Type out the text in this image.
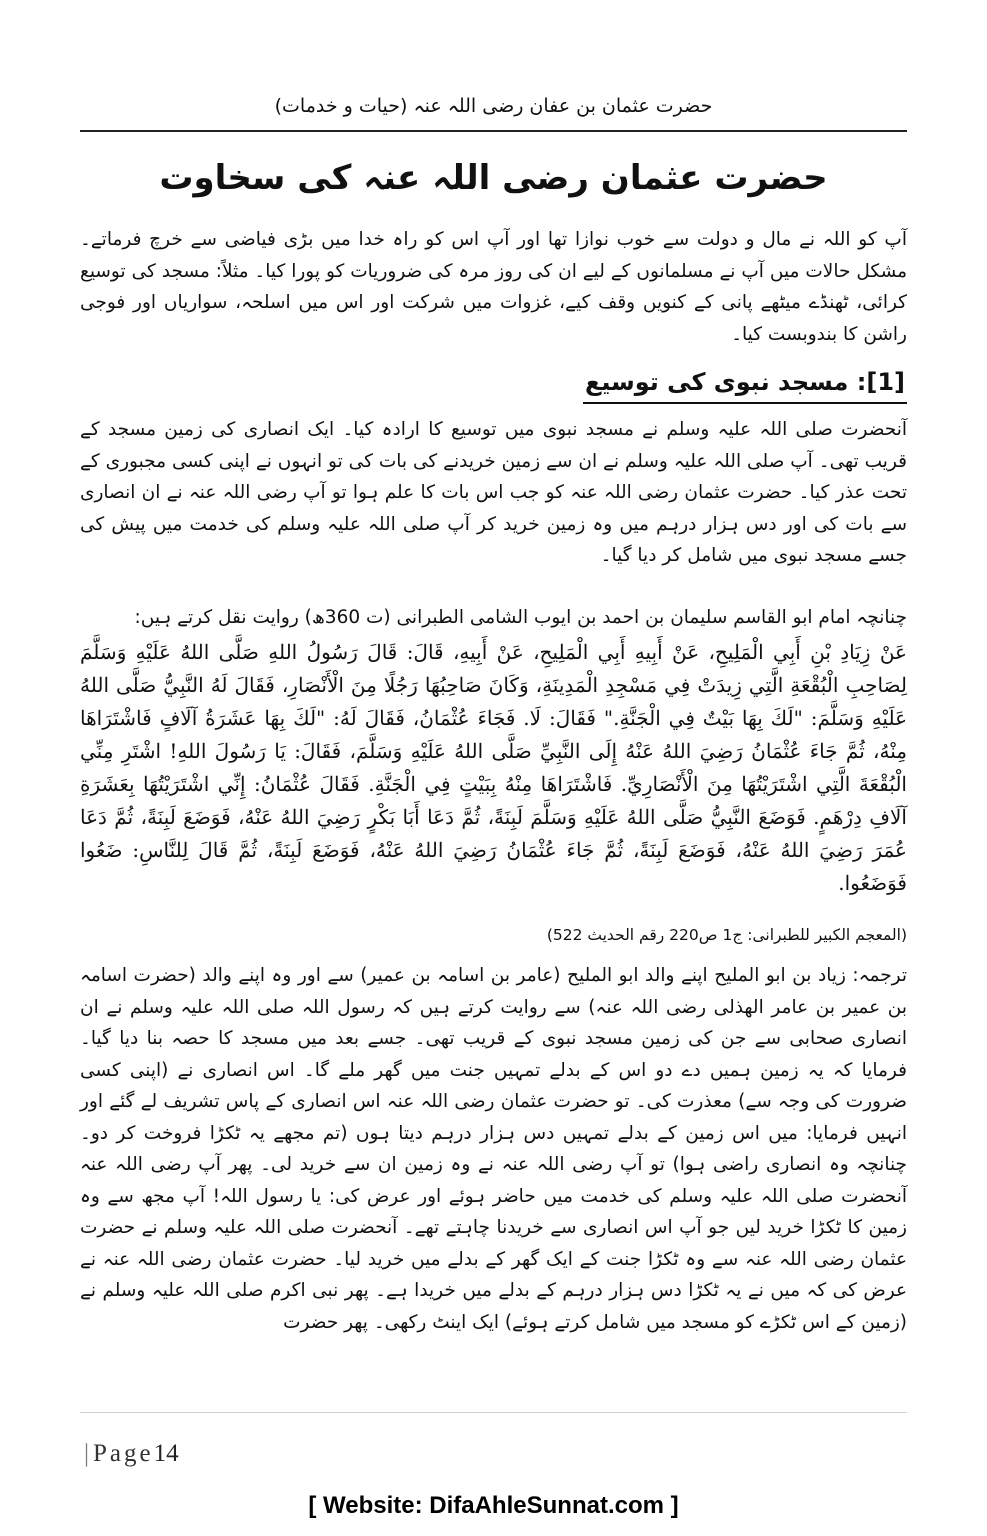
حضرت عثمان بن عفان رضی اللہ عنہ (حیات و خدمات)
حضرت عثمان رضی اللہ عنہ کی سخاوت

آپ کو اللہ نے مال و دولت سے خوب نوازا تھا اور آپ اس کو راہ خدا میں بڑی فیاضی سے خرچ فرماتے۔ مشکل حالات میں آپ نے مسلمانوں کے لیے ان کی روز مرہ کی ضروریات کو پورا کیا۔ مثلاً: مسجد کی توسیع کرائی، ٹھنڈے میٹھے پانی کے کنویں وقف کیے، غزوات میں شرکت اور اس میں اسلحہ، سواریاں اور فوجی راشن کا بندوبست کیا۔

[1]: مسجد نبوی کی توسیع

آنحضرت صلی اللہ علیہ وسلم نے مسجد نبوی میں توسیع کا ارادہ کیا۔ ایک انصاری کی زمین مسجد کے قریب تھی۔ آپ صلی اللہ علیہ وسلم نے ان سے زمین خریدنے کی بات کی تو انہوں نے اپنی کسی مجبوری کے تحت عذر کیا۔ حضرت عثمان رضی اللہ عنہ کو جب اس بات کا علم ہوا تو آپ رضی اللہ عنہ نے ان انصاری سے بات کی اور دس ہزار درہم میں وہ زمین خرید کر آپ صلی اللہ علیہ وسلم کی خدمت میں پیش کی جسے مسجد نبوی میں شامل کر دیا گیا۔

چنانچہ امام ابو القاسم سلیمان بن احمد بن ایوب الشامی الطبرانی (ت 360ھ) روایت نقل کرتے ہیں:

عَنْ زِيَادِ بْنِ أَبِي الْمَلِيحِ، عَنْ أَبِيهِ أَبِي الْمَلِيحِ، عَنْ أَبِيهِ، قَالَ: قَالَ رَسُولُ اللهِ صَلَّى اللهُ عَلَيْهِ وَسَلَّمَ لِصَاحِبِ الْبُقْعَةِ الَّتِي زِيدَتْ فِي مَسْجِدِ الْمَدِينَةِ، وَكَانَ صَاحِبُهَا رَجُلًا مِنَ الْأَنْصَارِ، فَقَالَ لَهُ النَّبِيُّ صَلَّى اللهُ عَلَيْهِ وَسَلَّمَ: "لَكَ بِهَا بَيْتٌ فِي الْجَنَّةِ." فَقَالَ: لَا. فَجَاءَ عُثْمَانُ، فَقَالَ لَهُ: "لَكَ بِهَا عَشَرَةُ آلَافٍ فَاشْتَرَاهَا مِنْهُ، ثُمَّ جَاءَ عُثْمَانُ رَضِيَ اللهُ عَنْهُ إِلَى النَّبِيِّ صَلَّى اللهُ عَلَيْهِ وَسَلَّمَ، فَقَالَ: يَا رَسُولَ اللهِ! اشْتَرِ مِنِّي الْبُقْعَةَ الَّتِي اشْتَرَيْتُهَا مِنَ الْأَنْصَارِيِّ. فَاشْتَرَاهَا مِنْهُ بِبَيْتٍ فِي الْجَنَّةِ. فَقَالَ عُثْمَانُ: إِنِّي اشْتَرَيْتُهَا بِعَشَرَةِ آلَافِ دِرْهَمٍ. فَوَضَعَ النَّبِيُّ صَلَّى اللهُ عَلَيْهِ وَسَلَّمَ لَبِنَةً، ثُمَّ دَعَا أَبَا بَكْرٍ رَضِيَ اللهُ عَنْهُ، فَوَضَعَ لَبِنَةً، ثُمَّ دَعَا عُمَرَ رَضِيَ اللهُ عَنْهُ، فَوَضَعَ لَبِنَةً، ثُمَّ جَاءَ عُثْمَانُ رَضِيَ اللهُ عَنْهُ، فَوَضَعَ لَبِنَةً، ثُمَّ قَالَ لِلنَّاسِ: ضَعُوا فَوَضَعُوا.

(المعجم الکبیر للطبرانی: ج1 ص220 رقم الحدیث 522)

ترجمہ: زیاد بن ابو الملیح اپنے والد ابو الملیح (عامر بن اسامہ بن عمیر) سے اور وہ اپنے والد (حضرت اسامہ بن عمیر بن عامر الھذلی رضی اللہ عنہ) سے روایت کرتے ہیں کہ رسول اللہ صلی اللہ علیہ وسلم نے ان انصاری صحابی سے جن کی زمین مسجد نبوی کے قریب تھی۔ جسے بعد میں مسجد کا حصہ بنا دیا گیا۔ فرمایا کہ یہ زمین ہمیں دے دو اس کے بدلے تمہیں جنت میں گھر ملے گا۔ اس انصاری نے (اپنی کسی ضرورت کی وجہ سے) معذرت کی۔ تو حضرت عثمان رضی اللہ عنہ اس انصاری کے پاس تشریف لے گئے اور انہیں فرمایا: میں اس زمین کے بدلے تمہیں دس ہزار درہم دیتا ہوں (تم مجھے یہ ٹکڑا فروخت کر دو۔ چنانچہ وہ انصاری راضی ہوا) تو آپ رضی اللہ عنہ نے وہ زمین ان سے خرید لی۔ پھر آپ رضی اللہ عنہ آنحضرت صلی اللہ علیہ وسلم کی خدمت میں حاضر ہوئے اور عرض کی: یا رسول اللہ! آپ مجھ سے وہ زمین کا ٹکڑا خرید لیں جو آپ اس انصاری سے خریدنا چاہتے تھے۔ آنحضرت صلی اللہ علیہ وسلم نے حضرت عثمان رضی اللہ عنہ سے وہ ٹکڑا جنت کے ایک گھر کے بدلے میں خرید لیا۔ حضرت عثمان رضی اللہ عنہ نے عرض کی کہ میں نے یہ ٹکڑا دس ہزار درہم کے بدلے میں خریدا ہے۔ پھر نبی اکرم صلی اللہ علیہ وسلم نے (زمین کے اس ٹکڑے کو مسجد میں شامل کرتے ہوئے) ایک اینٹ رکھی۔ پھر حضرت

| Page14
[ Website: DifaAhleSunnat.com ]
